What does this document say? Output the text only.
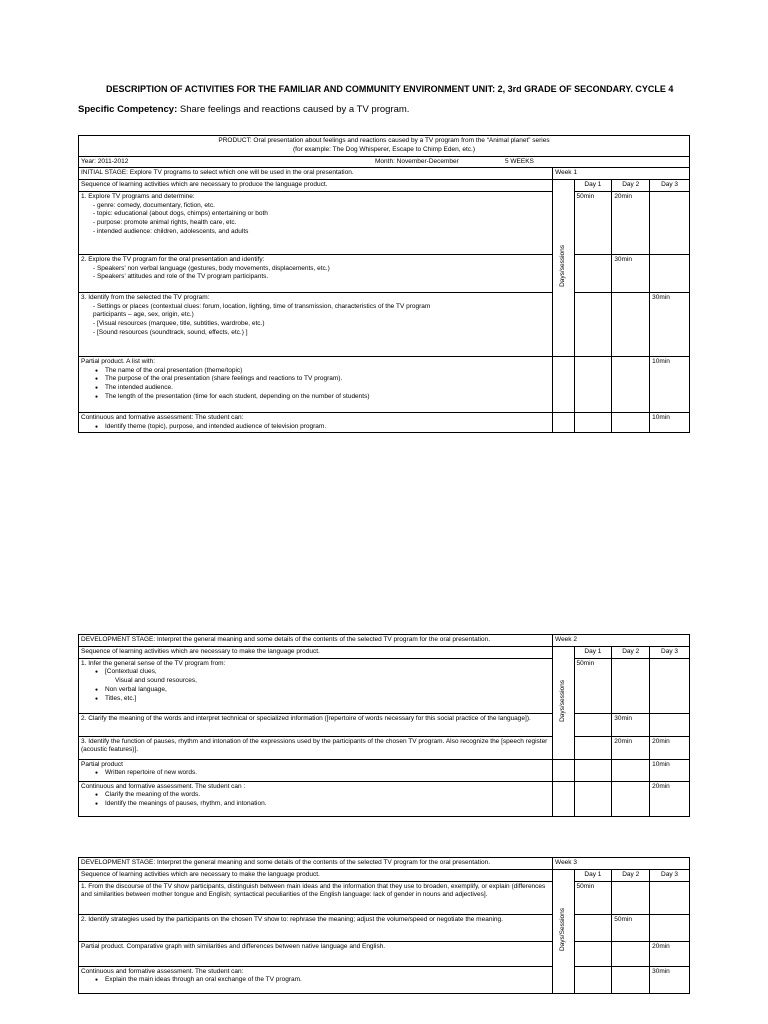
DESCRIPTION OF ACTIVITIES FOR THE FAMILIAR AND COMMUNITY ENVIRONMENT UNIT: 2, 3rd GRADE OF SECONDARY. CYCLE 4
Specific Competency: Share feelings and reactions caused by a TV program.
PRODUCT: Oral presentation about feelings and reactions caused by a TV program from the “Animal planet” series
(for example: The Dog Whisperer, Escape to Chimp Eden, etc.)				

Year: 2011-2012 Month: November-December 5 WEEKS				
INITIAL STAGE: Explore TV programs to select which one will be used in the oral presentation.	Week 1			
Sequence of learning activities which are necessary to produce the language product.	Days/sessions	Day 1	Day 2	Day 3

1. Explore TV programs and determine:
- genre: comedy, documentary, fiction, etc.
- topic: educational (about dogs, chimps) entertaining or both
- purpose: promote animal rights, health care, etc.
- intended audience: children, adolescents, and adults		50min	20min	

2. Explore the TV program for the oral presentation and identify:
- Speakers’ non verbal language (gestures, body movements, displacements, etc.)
- Speakers’ attitudes and role of the TV program participants.			30min	

3. Identify from the selected the TV program:
- Settings or places (contextual clues: forum, location, lighting, time of transmission, characteristics of the TV program
participants – age, sex, origin, etc.)
- [Visual resources (marquee, title, subtitles, wardrobe, etc.)
- [Sound resources (soundtrack, sound, effects, etc.) ]				30min

Partial product. A list with:
● The name of the oral presentation (theme/topic)
● The purpose of the oral presentation (share feelings and reactions to TV program).
● The intended audience.
● The length of the presentation (time for each student, depending on the number of students)				10min

Continuous and formative assessment: The student can:
● Identify theme (topic), purpose, and intended audience of television program.				10min
DEVELOPMENT STAGE: Interpret the general meaning and some details of the contents of the selected TV program for the oral presentation.	Week 2			
Sequence of learning activities which are necessary to make the language product.	Days/sessions	Day 1	Day 2	Day 3

1. Infer the general sense of the TV program from:
● [Contextual clues,
Visual and sound resources,
● Non verbal language,
● Titles, etc.]		50min		
2. Clarify the meaning of the words and interpret technical or specialized information ([repertoire of words necessary for this social practice of the language]).			30min	
3. Identify the function of pauses, rhythm and intonation of the expressions used by the participants of the chosen TV program. Also recognize the [speech register (acoustic features)].			20min	20min

Partial product
● Written repertoire of new words.				10min

Continuous and formative assessment. The student can :
● Clarify the meaning of the words.
● Identify the meanings of pauses, rhythm, and intonation.				20min
DEVELOPMENT STAGE: Interpret the general meaning and some details of the contents of the selected TV program for the oral presentation.	Week 3			
Sequence of learning activities which are necessary to make the language product.	Days/Sessions	Day 1	Day 2	Day 3
1. From the discourse of the TV show participants, distinguish between main ideas and the information that they use to broaden, exemplify, or explain (differences and similarities between mother tongue and English; syntactical peculiarities of the English language: lack of gender in nouns and adjectives].		50min		
2. Identify strategies used by the participants on the chosen TV show to: rephrase the meaning; adjust the volume/speed or negotiate the meaning.			50min	
Partial product. Comparative graph with similarities and differences between native language and English.				20min

Continuous and formative assessment. The student can:
● Explain the main ideas through an oral exchange of the TV program.				30min
